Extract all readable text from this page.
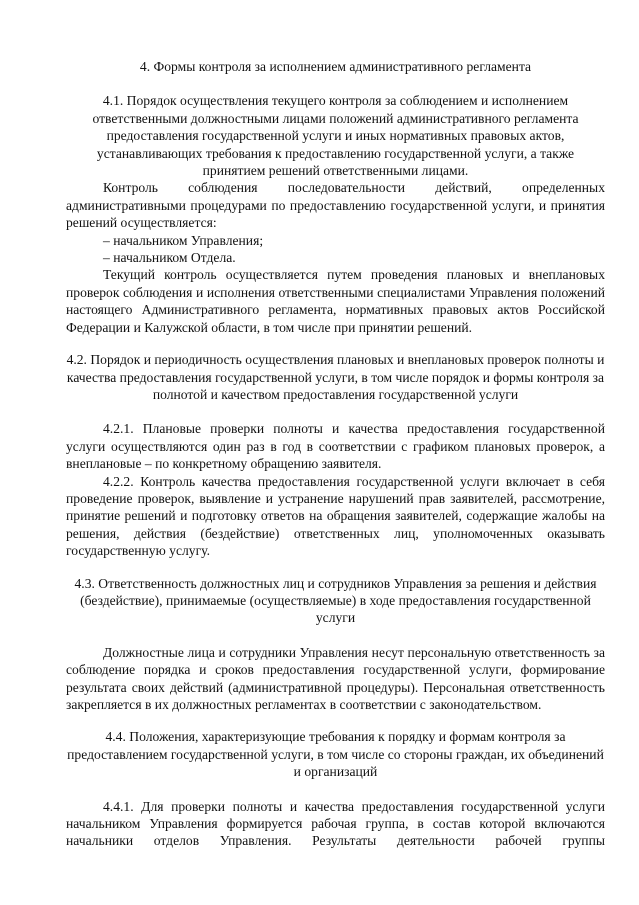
4. Формы контроля за исполнением административного регламента

4.1. Порядок осуществления текущего контроля за соблюдением и исполнением ответственными должностными лицами положений административного регламента предоставления государственной услуги и иных нормативных правовых актов, устанавливающих требования к предоставлению государственной услуги, а также принятием решений ответственными лицами.

Контроль соблюдения последовательности действий, определенных административными процедурами по предоставлению государственной услуги, и принятия решений осуществляется:

– начальником Управления;

– начальником Отдела.

Текущий контроль осуществляется путем проведения плановых и внеплановых проверок соблюдения и исполнения ответственными специалистами Управления положений настоящего Административного регламента, нормативных правовых актов Российской Федерации и Калужской области, в том числе при принятии решений.

4.2. Порядок и периодичность осуществления плановых и внеплановых проверок полноты и качества предоставления государственной услуги, в том числе порядок и формы контроля за полнотой и качеством предоставления государственной услуги

4.2.1. Плановые проверки полноты и качества предоставления государственной услуги осуществляются один раз в год в соответствии с графиком плановых проверок, а внеплановые – по конкретному обращению заявителя.

4.2.2. Контроль качества предоставления государственной услуги включает в себя проведение проверок, выявление и устранение нарушений прав заявителей, рассмотрение, принятие решений и подготовку ответов на обращения заявителей, содержащие жалобы на решения, действия (бездействие) ответственных лиц, уполномоченных оказывать государственную услугу.

4.3. Ответственность должностных лиц и сотрудников Управления за решения и действия (бездействие), принимаемые (осуществляемые) в ходе предоставления государственной услуги

Должностные лица и сотрудники Управления несут персональную ответственность за соблюдение порядка и сроков предоставления государственной услуги, формирование результата своих действий (административной процедуры). Персональная ответственность закрепляется в их должностных регламентах в соответствии с законодательством.

4.4. Положения, характеризующие требования к порядку и формам контроля за предоставлением государственной услуги, в том числе со стороны граждан, их объединений и организаций

4.4.1. Для проверки полноты и качества предоставления государственной услуги начальником Управления формируется рабочая группа, в состав которой включаются начальники отделов Управления. Результаты деятельности рабочей группы
